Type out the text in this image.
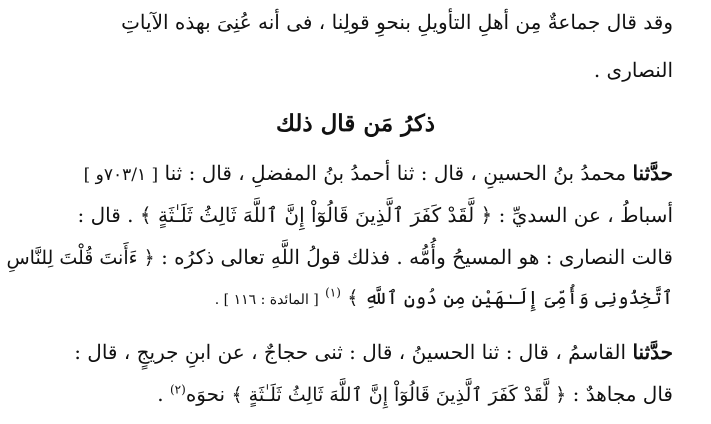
وقد قال جماعةٌ مِن أهلِ التأويلِ بنحوِ قولِنا ، فى أنه عُنِىَ بهذه الآياتِ
النصارى .
ذكرُ مَن قال ذلك
حدَّثنا محمدُ بنُ الحسينِ ، قال : ثنا أحمدُ بنُ المفضلِ ، قال : ثنا [ ٧٠٣/١و ]
أسباطُ ، عن السديِّ : ﴿ لَّقَدْ كَفَرَ ٱلَّذِينَ قَالُوٓاْ إِنَّ ٱللَّهَ ثَالِثُ ثَلَـٰثَةٍ ﴾ . قال :
قالت النصارى : هو المسيحُ وأُمُّه . فذلك قولُ اللَّهِ تعالى ذكرُه : ﴿ ءَأَنتَ قُلْتَ لِلنَّاسِ
ٱتَّخِذُونِى وَأُمِّىَ إِلَـٰهَيْنِ مِن دُونِ ٱللَّهِ ﴾ $^{(١)}$ [ المائدة : ١١٦ ] .
حدَّثنا القاسمُ ، قال : ثنا الحسينُ ، قال : ثنى حجاجٌ ، عن ابنِ جريجٍ ، قال :
قال مجاهدٌ : ﴿ لَّقَدْ كَفَرَ ٱلَّذِينَ قَالُوٓاْ إِنَّ ٱللَّهَ ثَالِثُ ثَلَـٰثَةٍ ﴾ نحوَه$^{(٢)}$ .
